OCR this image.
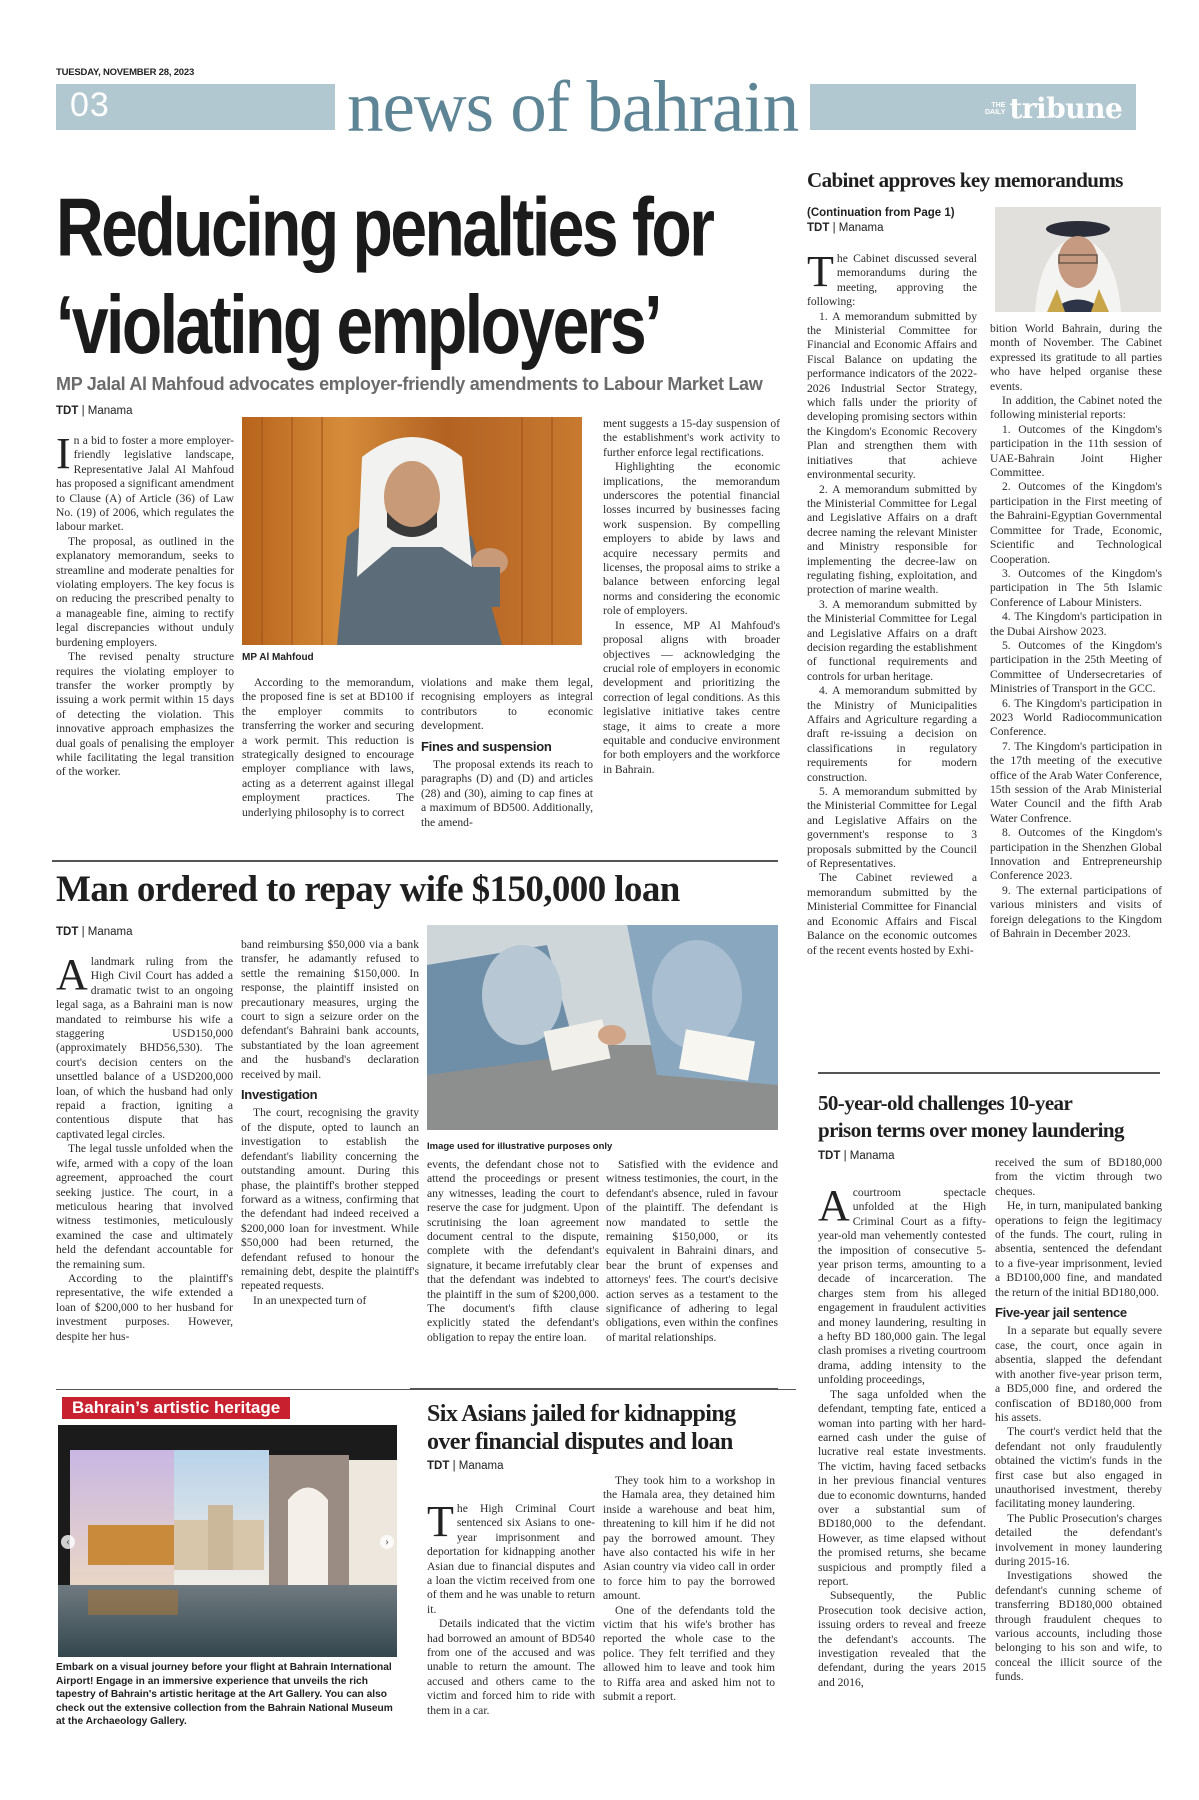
TUESDAY, NOVEMBER 28, 2023
03	news of bahrain	THE
DAILY tribune
Reducing penalties for
‘violating employers’
MP Jalal Al Mahfoud advocates employer-friendly amendments to Labour Market Law
TDT | Manama

In a bid to foster a more employer-friendly legislative landscape, Representative Jalal Al Mahfoud has proposed a significant amendment to Clause (A) of Article (36) of Law No. (19) of 2006, which regulates the labour market.

The proposal, as outlined in the explanatory memorandum, seeks to streamline and moderate penalties for violating employers. The key focus is on reducing the prescribed penalty to a manageable fine, aiming to rectify legal discrepancies without unduly burdening employers.

The revised penalty structure requires the violating employer to transfer the worker promptly by issuing a work permit within 15 days of detecting the violation. This innovative approach emphasizes the dual goals of penalising the employer while facilitating the legal transition of the worker.

MP Al Mahfoud

According to the memorandum, the proposed fine is set at BD100 if the employer commits to transferring the worker and securing a work permit. This reduction is strategically designed to encourage employer compliance with laws, acting as a deterrent against illegal employment practices. The underlying philosophy is to correct

violations and make them legal, recognising employers as integral contributors to economic development.

Fines and suspension

The proposal extends its reach to paragraphs (D) and (D) and articles (28) and (30), aiming to cap fines at a maximum of BD500. Additionally, the amend-

ment suggests a 15-day suspension of the establishment's work activity to further enforce legal rectifications.

Highlighting the economic implications, the memorandum underscores the potential financial losses incurred by businesses facing work suspension. By compelling employers to abide by laws and acquire necessary permits and licenses, the proposal aims to strike a balance between enforcing legal norms and considering the economic role of employers.

In essence, MP Al Mahfoud's proposal aligns with broader objectives — acknowledging the crucial role of employers in economic development and prioritizing the correction of legal conditions. As this legislative initiative takes centre stage, it aims to create a more equitable and conducive environment for both employers and the workforce in Bahrain.

Cabinet approves key memorandums
(Continuation from Page 1)
TDT | Manama

The Cabinet discussed several memorandums during the meeting, approving the following:

1. A memorandum submitted by the Ministerial Committee for Financial and Economic Affairs and Fiscal Balance on updating the performance indicators of the 2022-2026 Industrial Sector Strategy, which falls under the priority of developing promising sectors within the Kingdom's Economic Recovery Plan and strengthen them with initiatives that achieve environmental security.

2. A memorandum submitted by the Ministerial Committee for Legal and Legislative Affairs on a draft decree naming the relevant Minister and Ministry responsible for implementing the decree-law on regulating fishing, exploitation, and protection of marine wealth.

3. A memorandum submitted by the Ministerial Committee for Legal and Legislative Affairs on a draft decision regarding the establishment of functional requirements and controls for urban heritage.

4. A memorandum submitted by the Ministry of Municipalities Affairs and Agriculture regarding a draft re-issuing a decision on classifications in regulatory requirements for modern construction.

5. A memorandum submitted by the Ministerial Committee for Legal and Legislative Affairs on the government's response to 3 proposals submitted by the Council of Representatives.

The Cabinet reviewed a memorandum submitted by the Ministerial Committee for Financial and Economic Affairs and Fiscal Balance on the economic outcomes of the recent events hosted by Exhi-

bition World Bahrain, during the month of November. The Cabinet expressed its gratitude to all parties who have helped organise these events.

In addition, the Cabinet noted the following ministerial reports:

1. Outcomes of the Kingdom's participation in the 11th session of UAE-Bahrain Joint Higher Committee.

2. Outcomes of the Kingdom's participation in the First meeting of the Bahraini-Egyptian Governmental Committee for Trade, Economic, Scientific and Technological Cooperation.

3. Outcomes of the Kingdom's participation in The 5th Islamic Conference of Labour Ministers.

4. The Kingdom's participation in the Dubai Airshow 2023.

5. Outcomes of the Kingdom's participation in the 25th Meeting of Committee of Undersecretaries of Ministries of Transport in the GCC.

6. The Kingdom's participation in 2023 World Radiocommunication Conference.

7. The Kingdom's participation in the 17th meeting of the executive office of the Arab Water Conference, 15th session of the Arab Ministerial Water Council and the fifth Arab Water Confrence.

8. Outcomes of the Kingdom's participation in the Shenzhen Global Innovation and Entrepreneurship Conference 2023.

9. The external participations of various ministers and visits of foreign delegations to the Kingdom of Bahrain in December 2023.

Man ordered to repay wife $150,000 loan
TDT | Manama

Alandmark ruling from the High Civil Court has added a dramatic twist to an ongoing legal saga, as a Bahraini man is now mandated to reimburse his wife a staggering USD150,000 (approximately BHD56,530). The court's decision centers on the unsettled balance of a USD200,000 loan, of which the husband had only repaid a fraction, igniting a contentious dispute that has captivated legal circles.

The legal tussle unfolded when the wife, armed with a copy of the loan agreement, approached the court seeking justice. The court, in a meticulous hearing that involved witness testimonies, meticulously examined the case and ultimately held the defendant accountable for the remaining sum.

According to the plaintiff's representative, the wife extended a loan of $200,000 to her husband for investment purposes. However, despite her hus-

band reimbursing $50,000 via a bank transfer, he adamantly refused to settle the remaining $150,000. In response, the plaintiff insisted on precautionary measures, urging the court to sign a seizure order on the defendant's Bahraini bank accounts, substantiated by the loan agreement and the husband's declaration received by mail.

Investigation

The court, recognising the gravity of the dispute, opted to launch an investigation to establish the defendant's liability concerning the outstanding amount. During this phase, the plaintiff's brother stepped forward as a witness, confirming that the defendant had indeed received a $200,000 loan for investment. While $50,000 had been returned, the defendant refused to honour the remaining debt, despite the plaintiff's repeated requests.

In an unexpected turn of

Image used for illustrative purposes only

events, the defendant chose not to attend the proceedings or present any witnesses, leading the court to reserve the case for judgment. Upon scrutinising the loan agreement document central to the dispute, complete with the defendant's signature, it became irrefutably clear that the defendant was indebted to the plaintiff in the sum of $200,000. The document's fifth clause explicitly stated the defendant's obligation to repay the entire loan.

Satisfied with the evidence and witness testimonies, the court, in the defendant's absence, ruled in favour of the plaintiff. The defendant is now mandated to settle the remaining $150,000, or its equivalent in Bahraini dinars, and bear the brunt of expenses and attorneys' fees. The court's decisive action serves as a testament to the significance of adhering to legal obligations, even within the confines of marital relationships.

50-year-old challenges 10-year
prison terms over money laundering
TDT | Manama

Acourtroom spectacle unfolded at the High Criminal Court as a fifty-year-old man vehemently contested the imposition of consecutive 5-year prison terms, amounting to a decade of incarceration. The charges stem from his alleged engagement in fraudulent activities and money laundering, resulting in a hefty BD 180,000 gain. The legal clash promises a riveting courtroom drama, adding intensity to the unfolding proceedings,

The saga unfolded when the defendant, tempting fate, enticed a woman into parting with her hard-earned cash under the guise of lucrative real estate investments. The victim, having faced setbacks in her previous financial ventures due to economic downturns, handed over a substantial sum of BD180,000 to the defendant. However, as time elapsed without the promised returns, she became suspicious and promptly filed a report.

Subsequently, the Public Prosecution took decisive action, issuing orders to reveal and freeze the defendant's accounts. The investigation revealed that the defendant, during the years 2015 and 2016,

received the sum of BD180,000 from the victim through two cheques.

He, in turn, manipulated banking operations to feign the legitimacy of the funds. The court, ruling in absentia, sentenced the defendant to a five-year imprisonment, levied a BD100,000 fine, and mandated the return of the initial BD180,000.

Five-year jail sentence

In a separate but equally severe case, the court, once again in absentia, slapped the defendant with another five-year prison term, a BD5,000 fine, and ordered the confiscation of BD180,000 from his assets.

The court's verdict held that the defendant not only fraudulently obtained the victim's funds in the first case but also engaged in unauthorised investment, thereby facilitating money laundering.

The Public Prosecution's charges detailed the defendant's involvement in money laundering during 2015-16.

Investigations showed the defendant's cunning scheme of transferring BD180,000 obtained through fraudulent cheques to various accounts, including those belonging to his son and wife, to conceal the illicit source of the funds.

Bahrain’s artistic heritage
‹	›
Embark on a visual journey before your flight at Bahrain International Airport! Engage in an immersive experience that unveils the rich tapestry of Bahrain's artistic heritage at the Art Gallery. You can also check out the extensive collection from the Bahrain National Museum at the Archaeology Gallery.
Six Asians jailed for kidnapping
over financial disputes and loan
TDT | Manama

The High Criminal Court sentenced six Asians to one-year imprisonment and deportation for kidnapping another Asian due to financial disputes and a loan the victim received from one of them and he was unable to return it.

Details indicated that the victim had borrowed an amount of BD540 from one of the accused and was unable to return the amount. The accused and others came to the victim and forced him to ride with them in a car.

They took him to a workshop in the Hamala area, they detained him inside a warehouse and beat him, threatening to kill him if he did not pay the borrowed amount. They have also contacted his wife in her Asian country via video call in order to force him to pay the borrowed amount.

One of the defendants told the victim that his wife's brother has reported the whole case to the police. They felt terrified and they allowed him to leave and took him to Riffa area and asked him not to submit a report.
